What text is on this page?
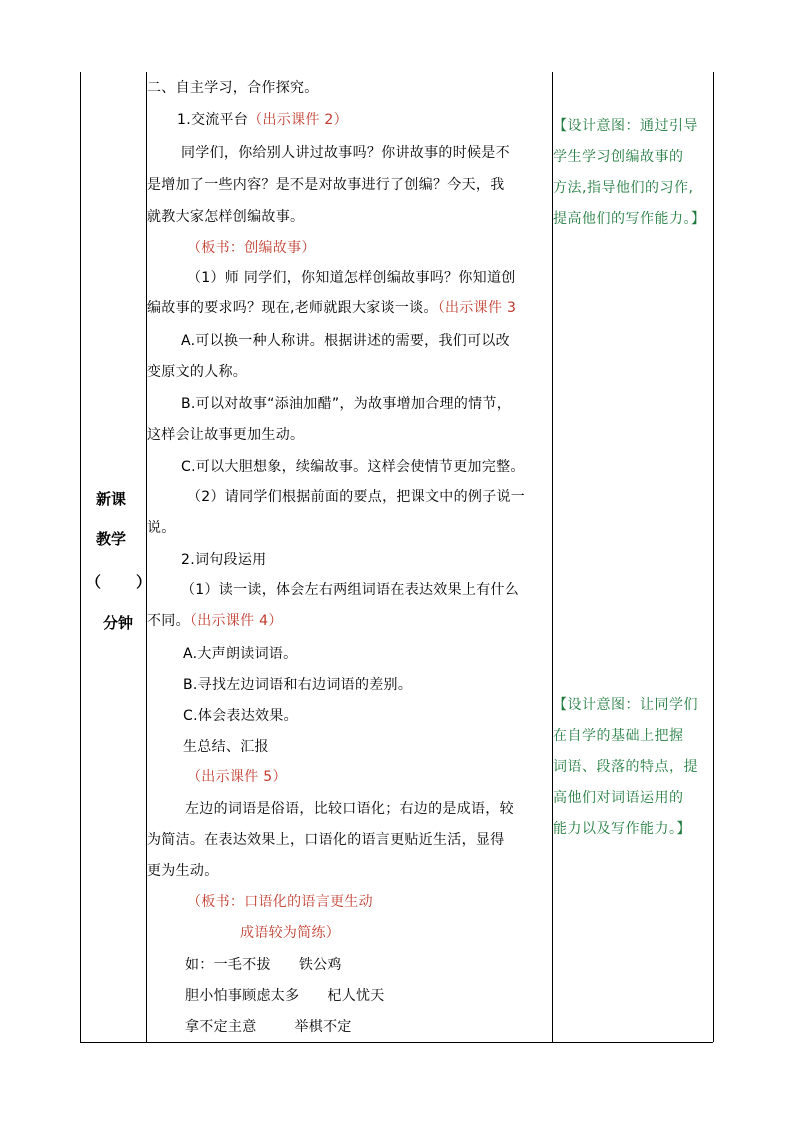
新课
教学
（ ）
分钟
二、自主学习，合作探究。
1.交流平台（出示课件 2）
同学们，你给别人讲过故事吗？你讲故事的时候是不
是增加了一些内容？是不是对故事进行了创编？今天，我
就教大家怎样创编故事。
（板书：创编故事）
（1）师 同学们，你知道怎样创编故事吗？你知道创
编故事的要求吗？现在,老师就跟大家谈一谈。（出示课件 3
A.可以换一种人称讲。根据讲述的需要，我们可以改
变原文的人称。
B.可以对故事“添油加醋”，为故事增加合理的情节，
这样会让故事更加生动。
C.可以大胆想象，续编故事。这样会使情节更加完整。
（2）请同学们根据前面的要点，把课文中的例子说一
说。
2.词句段运用
（1）读一读，体会左右两组词语在表达效果上有什么
不同。（出示课件 4）
A.大声朗读词语。
B.寻找左边词语和右边词语的差别。
C.体会表达效果。
生总结、汇报
（出示课件 5）
左边的词语是俗语，比较口语化；右边的是成语，较
为简洁。在表达效果上，口语化的语言更贴近生活，显得
更为生动。
（板书：口语化的语言更生动
成语较为简练）
如：一毛不拔 铁公鸡
胆小怕事顾虑太多 杞人忧天
拿不定主意	举棋不定
【设计意图：通过引导
学生学习创编故事的
方法,指导他们的习作,
提高他们的写作能力。】
【设计意图：让同学们
在自学的基础上把握
词语、段落的特点，提
高他们对词语运用的
能力以及写作能力。】
